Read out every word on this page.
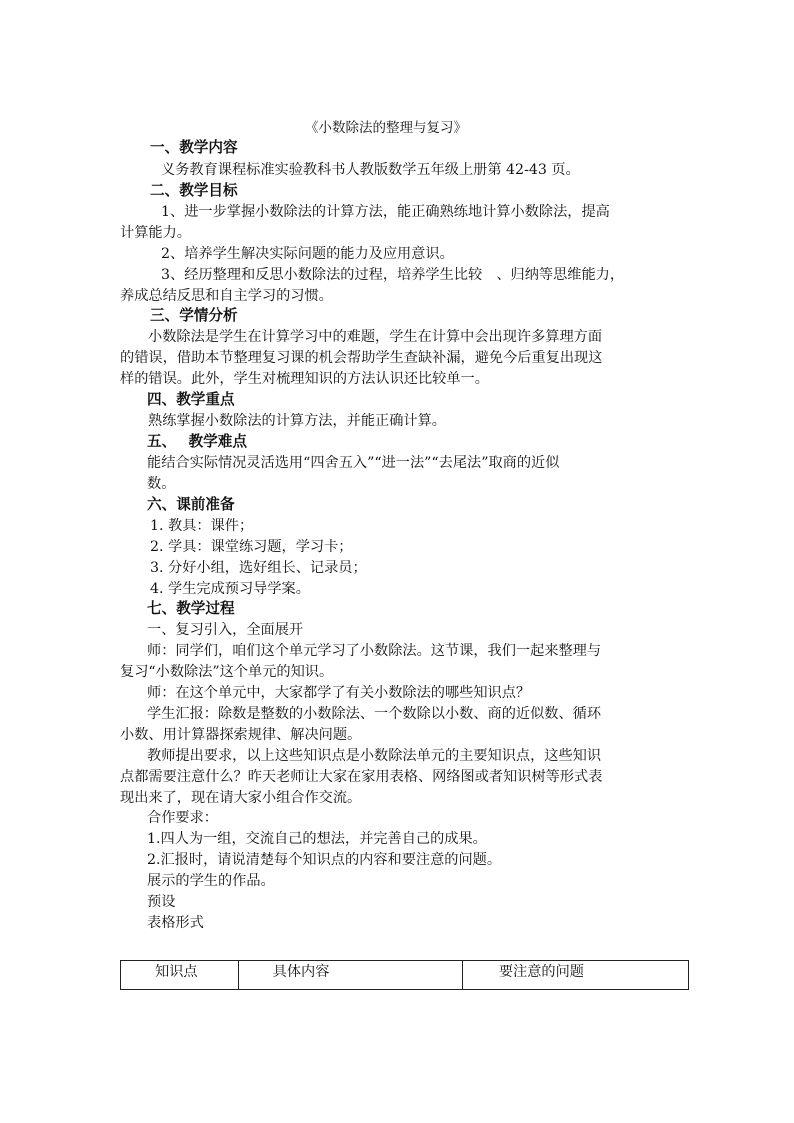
《小数除法的整理与复习》
一、教学内容
义务教育课程标准实验教科书人教版数学五年级上册第 42-43 页。
二、教学目标
1、进一步掌握小数除法的计算方法，能正确熟练地计算小数除法，提高
计算能力。
2、培养学生解决实际问题的能力及应用意识。
3、经历整理和反思小数除法的过程，培养学生比较　、归纳等思维能力，
养成总结反思和自主学习的习惯。
三、学情分析
小数除法是学生在计算学习中的难题，学生在计算中会出现许多算理方面
的错误，借助本节整理复习课的机会帮助学生查缺补漏，避免今后重复出现这
样的错误。此外，学生对梳理知识的方法认识还比较单一。
四、教学重点
熟练掌握小数除法的计算方法，并能正确计算。
五、　 教学难点
能结合实际情况灵活选用“四舍五入”“进一法”“去尾法”取商的近似
数。
六、课前准备
1. 教具：课件；
2. 学具：课堂练习题，学习卡；
3. 分好小组，选好组长、记录员；
4. 学生完成预习导学案。
七、教学过程
一、复习引入，全面展开
师：同学们，咱们这个单元学习了小数除法。这节课，我们一起来整理与
复习“小数除法”这个单元的知识。
师：在这个单元中，大家都学了有关小数除法的哪些知识点？
学生汇报：除数是整数的小数除法、一个数除以小数、商的近似数、循环
小数、用计算器探索规律、解决问题。
教师提出要求，以上这些知识点是小数除法单元的主要知识点，这些知识
点都需要注意什么？昨天老师让大家在家用表格、网络图或者知识树等形式表
现出来了，现在请大家小组合作交流。
合作要求：
1.四人为一组，交流自己的想法，并完善自己的成果。
2.汇报时，请说清楚每个知识点的内容和要注意的问题。
展示的学生的作品。
预设
表格形式
知识点	具体内容	要注意的问题
